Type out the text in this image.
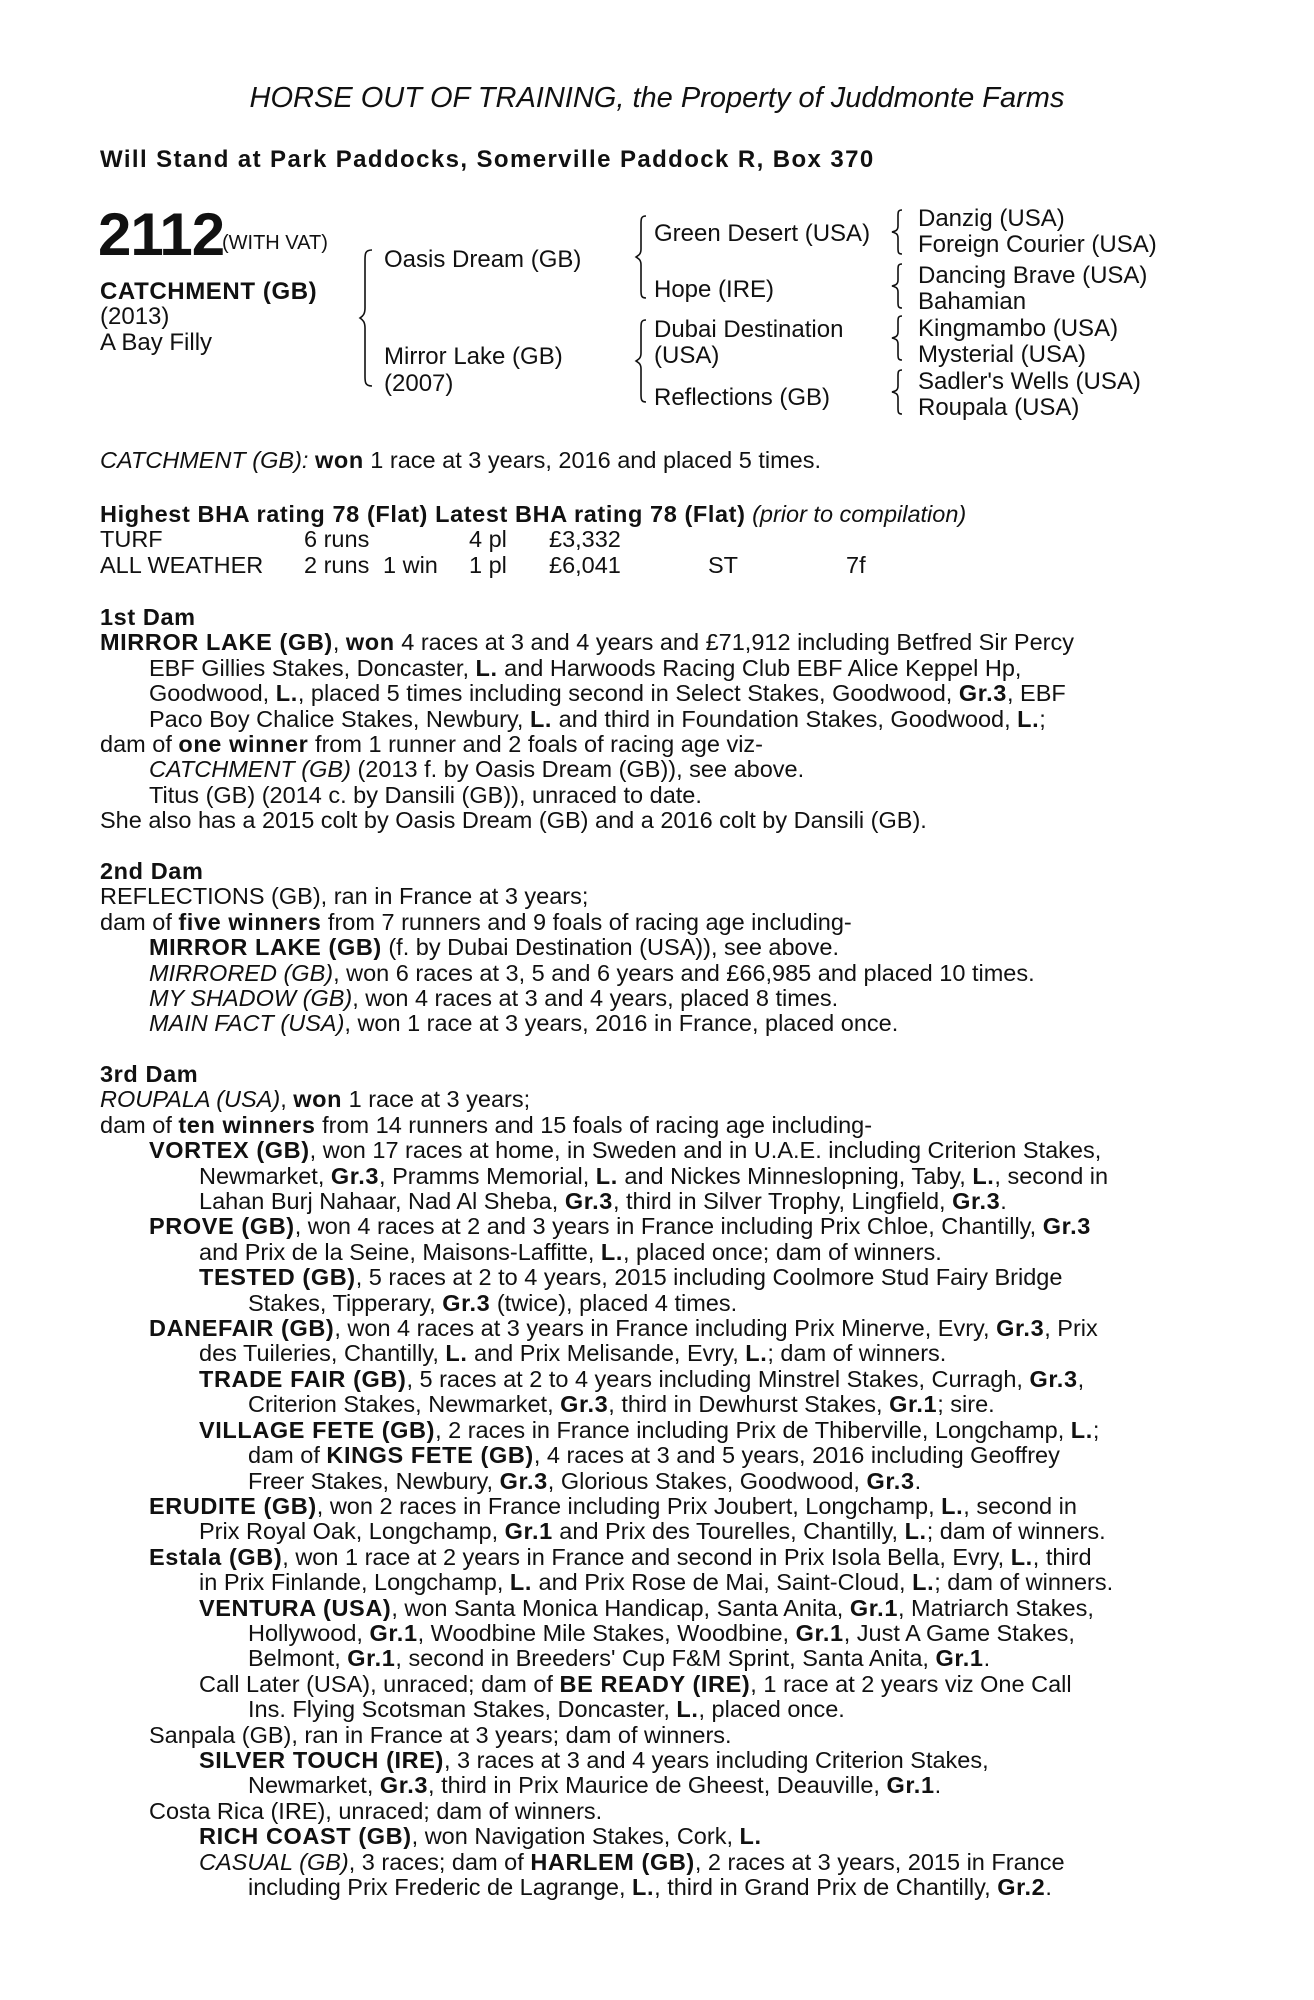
HORSE OUT OF TRAINING, the Property of Juddmonte Farms
Will Stand at Park Paddocks, Somerville Paddock R, Box 370
2112
(WITH VAT)
CATCHMENT (GB)
(2013)
A Bay Filly
Oasis Dream (GB)
Mirror Lake (GB)
(2007)
Green Desert (USA)
Hope (IRE)
Dubai Destination
(USA)
Reflections (GB)
Danzig (USA)
Foreign Courier (USA)
Dancing Brave (USA)
Bahamian
Kingmambo (USA)
Mysterial (USA)
Sadler's Wells (USA)
Roupala (USA)
CATCHMENT (GB): won 1 race at 3 years, 2016 and placed 5 times.
Highest BHA rating 78 (Flat) Latest BHA rating 78 (Flat) (prior to compilation)
TURF	6 runs	4 pl £3,332
ALL WEATHER 2 runs 1 win 1 pl £6,041	ST	7f
1st Dam
MIRROR LAKE (GB), won 4 races at 3 and 4 years and £71,912 including Betfred Sir Percy
EBF Gillies Stakes, Doncaster, L. and Harwoods Racing Club EBF Alice Keppel Hp,
Goodwood, L., placed 5 times including second in Select Stakes, Goodwood, Gr.3, EBF
Paco Boy Chalice Stakes, Newbury, L. and third in Foundation Stakes, Goodwood, L.;
dam of one winner from 1 runner and 2 foals of racing age viz-
CATCHMENT (GB) (2013 f. by Oasis Dream (GB)), see above.
Titus (GB) (2014 c. by Dansili (GB)), unraced to date.
She also has a 2015 colt by Oasis Dream (GB) and a 2016 colt by Dansili (GB).
2nd Dam
REFLECTIONS (GB), ran in France at 3 years;
dam of five winners from 7 runners and 9 foals of racing age including-
MIRROR LAKE (GB) (f. by Dubai Destination (USA)), see above.
MIRRORED (GB), won 6 races at 3, 5 and 6 years and £66,985 and placed 10 times.
MY SHADOW (GB), won 4 races at 3 and 4 years, placed 8 times.
MAIN FACT (USA), won 1 race at 3 years, 2016 in France, placed once.
3rd Dam
ROUPALA (USA), won 1 race at 3 years;
dam of ten winners from 14 runners and 15 foals of racing age including-
VORTEX (GB), won 17 races at home, in Sweden and in U.A.E. including Criterion Stakes,
Newmarket, Gr.3, Pramms Memorial, L. and Nickes Minneslopning, Taby, L., second in
Lahan Burj Nahaar, Nad Al Sheba, Gr.3, third in Silver Trophy, Lingfield, Gr.3.
PROVE (GB), won 4 races at 2 and 3 years in France including Prix Chloe, Chantilly, Gr.3
and Prix de la Seine, Maisons-Laffitte, L., placed once; dam of winners.
TESTED (GB), 5 races at 2 to 4 years, 2015 including Coolmore Stud Fairy Bridge
Stakes, Tipperary, Gr.3 (twice), placed 4 times.
DANEFAIR (GB), won 4 races at 3 years in France including Prix Minerve, Evry, Gr.3, Prix
des Tuileries, Chantilly, L. and Prix Melisande, Evry, L.; dam of winners.
TRADE FAIR (GB), 5 races at 2 to 4 years including Minstrel Stakes, Curragh, Gr.3,
Criterion Stakes, Newmarket, Gr.3, third in Dewhurst Stakes, Gr.1; sire.
VILLAGE FETE (GB), 2 races in France including Prix de Thiberville, Longchamp, L.;
dam of KINGS FETE (GB), 4 races at 3 and 5 years, 2016 including Geoffrey
Freer Stakes, Newbury, Gr.3, Glorious Stakes, Goodwood, Gr.3.
ERUDITE (GB), won 2 races in France including Prix Joubert, Longchamp, L., second in
Prix Royal Oak, Longchamp, Gr.1 and Prix des Tourelles, Chantilly, L.; dam of winners.
Estala (GB), won 1 race at 2 years in France and second in Prix Isola Bella, Evry, L., third
in Prix Finlande, Longchamp, L. and Prix Rose de Mai, Saint-Cloud, L.; dam of winners.
VENTURA (USA), won Santa Monica Handicap, Santa Anita, Gr.1, Matriarch Stakes,
Hollywood, Gr.1, Woodbine Mile Stakes, Woodbine, Gr.1, Just A Game Stakes,
Belmont, Gr.1, second in Breeders' Cup F&M Sprint, Santa Anita, Gr.1.
Call Later (USA), unraced; dam of BE READY (IRE), 1 race at 2 years viz One Call
Ins. Flying Scotsman Stakes, Doncaster, L., placed once.
Sanpala (GB), ran in France at 3 years; dam of winners.
SILVER TOUCH (IRE), 3 races at 3 and 4 years including Criterion Stakes,
Newmarket, Gr.3, third in Prix Maurice de Gheest, Deauville, Gr.1.
Costa Rica (IRE), unraced; dam of winners.
RICH COAST (GB), won Navigation Stakes, Cork, L.
CASUAL (GB), 3 races; dam of HARLEM (GB), 2 races at 3 years, 2015 in France
including Prix Frederic de Lagrange, L., third in Grand Prix de Chantilly, Gr.2.
